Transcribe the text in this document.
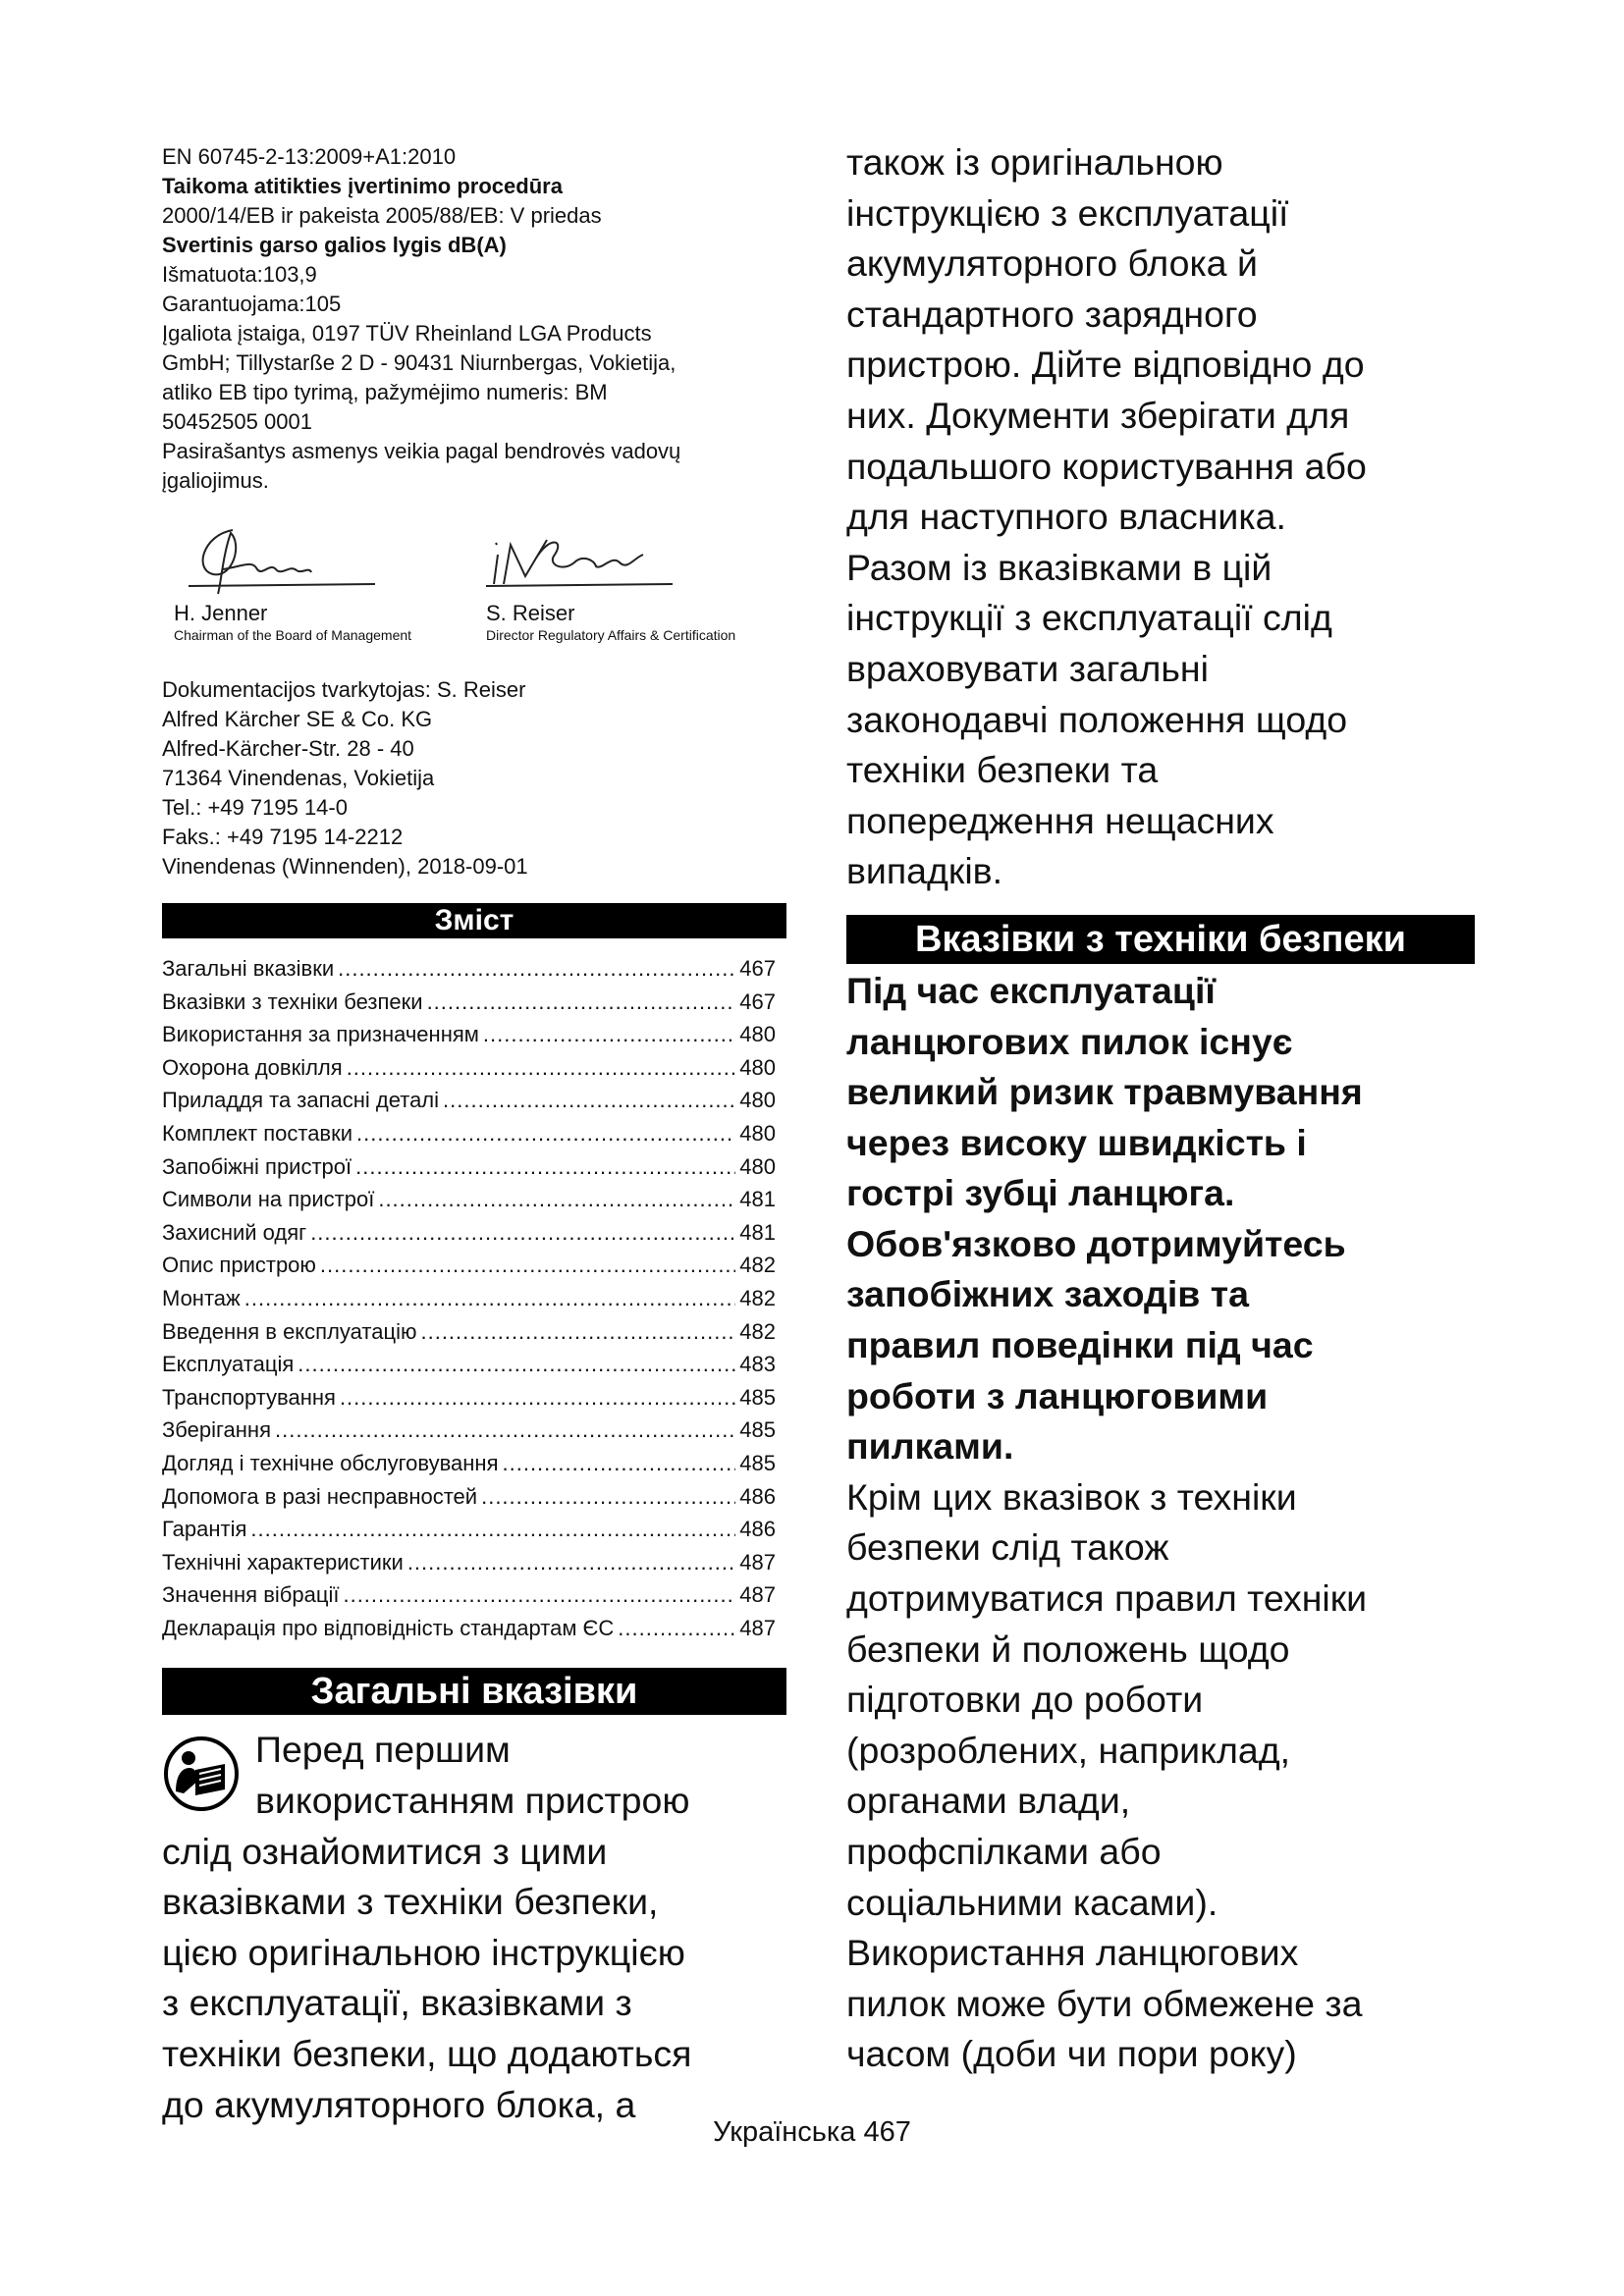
EN 60745-2-13:2009+A1:2010
Taikoma atitikties įvertinimo procedūra
2000/14/EB ir pakeista 2005/88/EB: V priedas
Svertinis garso galios lygis dB(A)
Išmatuota:103,9
Garantuojama:105
Įgaliota įstaiga, 0197 TÜV Rheinland LGA Products
GmbH; Tillystarße 2 D - 90431 Niurnbergas, Vokietija,
atliko EB tipo tyrimą, pažymėjimo numeris: BM
50452505 0001
Pasirašantys asmenys veikia pagal bendrovės vadovų
įgaliojimus.
H. Jenner
Chairman of the Board of Management
S. Reiser
Director Regulatory Affairs & Certification
Dokumentacijos tvarkytojas: S. Reiser
Alfred Kärcher SE & Co. KG
Alfred-Kärcher-Str. 28 - 40
71364 Vinendenas, Vokietija
Tel.: +49 7195 14-0
Faks.: +49 7195 14-2212
Vinendenas (Winnenden), 2018-09-01
Зміст
Загальні вказівки .....	467
Вказівки з техніки безпеки .....	467
Використання за призначенням .....	480
Охорона довкілля .....	480
Приладдя та запасні деталі .....	480
Комплект поставки .....	480
Запобіжні пристрої .....	480
Символи на пристрої .....	481
Захисний одяг .....	481
Опис пристрою .....	482
Монтаж .....	482
Введення в експлуатацію .....	482
Експлуатація .....	483
Транспортування .....	485
Зберігання .....	485
Догляд і технічне обслуговування .....	485
Допомога в разі несправностей .....	486
Гарантія .....	486
Технічні характеристики .....	487
Значення вібрації .....	487
Декларація про відповідність стандартам ЄС .....	487
Загальні вказівки
Перед першим
використанням пристрою
слід ознайомитися з цими
вказівками з техніки безпеки,
цією оригінальною інструкцією
з експлуатації, вказівками з
техніки безпеки, що додаються
до акумуляторного блока, а
також із оригінальною
інструкцією з експлуатації
акумуляторного блока й
стандартного зарядного
пристрою. Дійте відповідно до
них. Документи зберігати для
подальшого користування або
для наступного власника.
Разом із вказівками в цій
інструкції з експлуатації слід
враховувати загальні
законодавчі положення щодо
техніки безпеки та
попередження нещасних
випадків.
Вказівки з техніки безпеки
Під час експлуатації
ланцюгових пилок існує
великий ризик травмування
через високу швидкість і
гострі зубці ланцюга.
Обов'язково дотримуйтесь
запобіжних заходів та
правил поведінки під час
роботи з ланцюговими
пилками.
Крім цих вказівок з техніки
безпеки слід також
дотримуватися правил техніки
безпеки й положень щодо
підготовки до роботи
(розроблених, наприклад,
органами влади,
профспілками або
соціальними касами).
Використання ланцюгових
пилок може бути обмежене за
часом (доби чи пори року)
Українська 467
